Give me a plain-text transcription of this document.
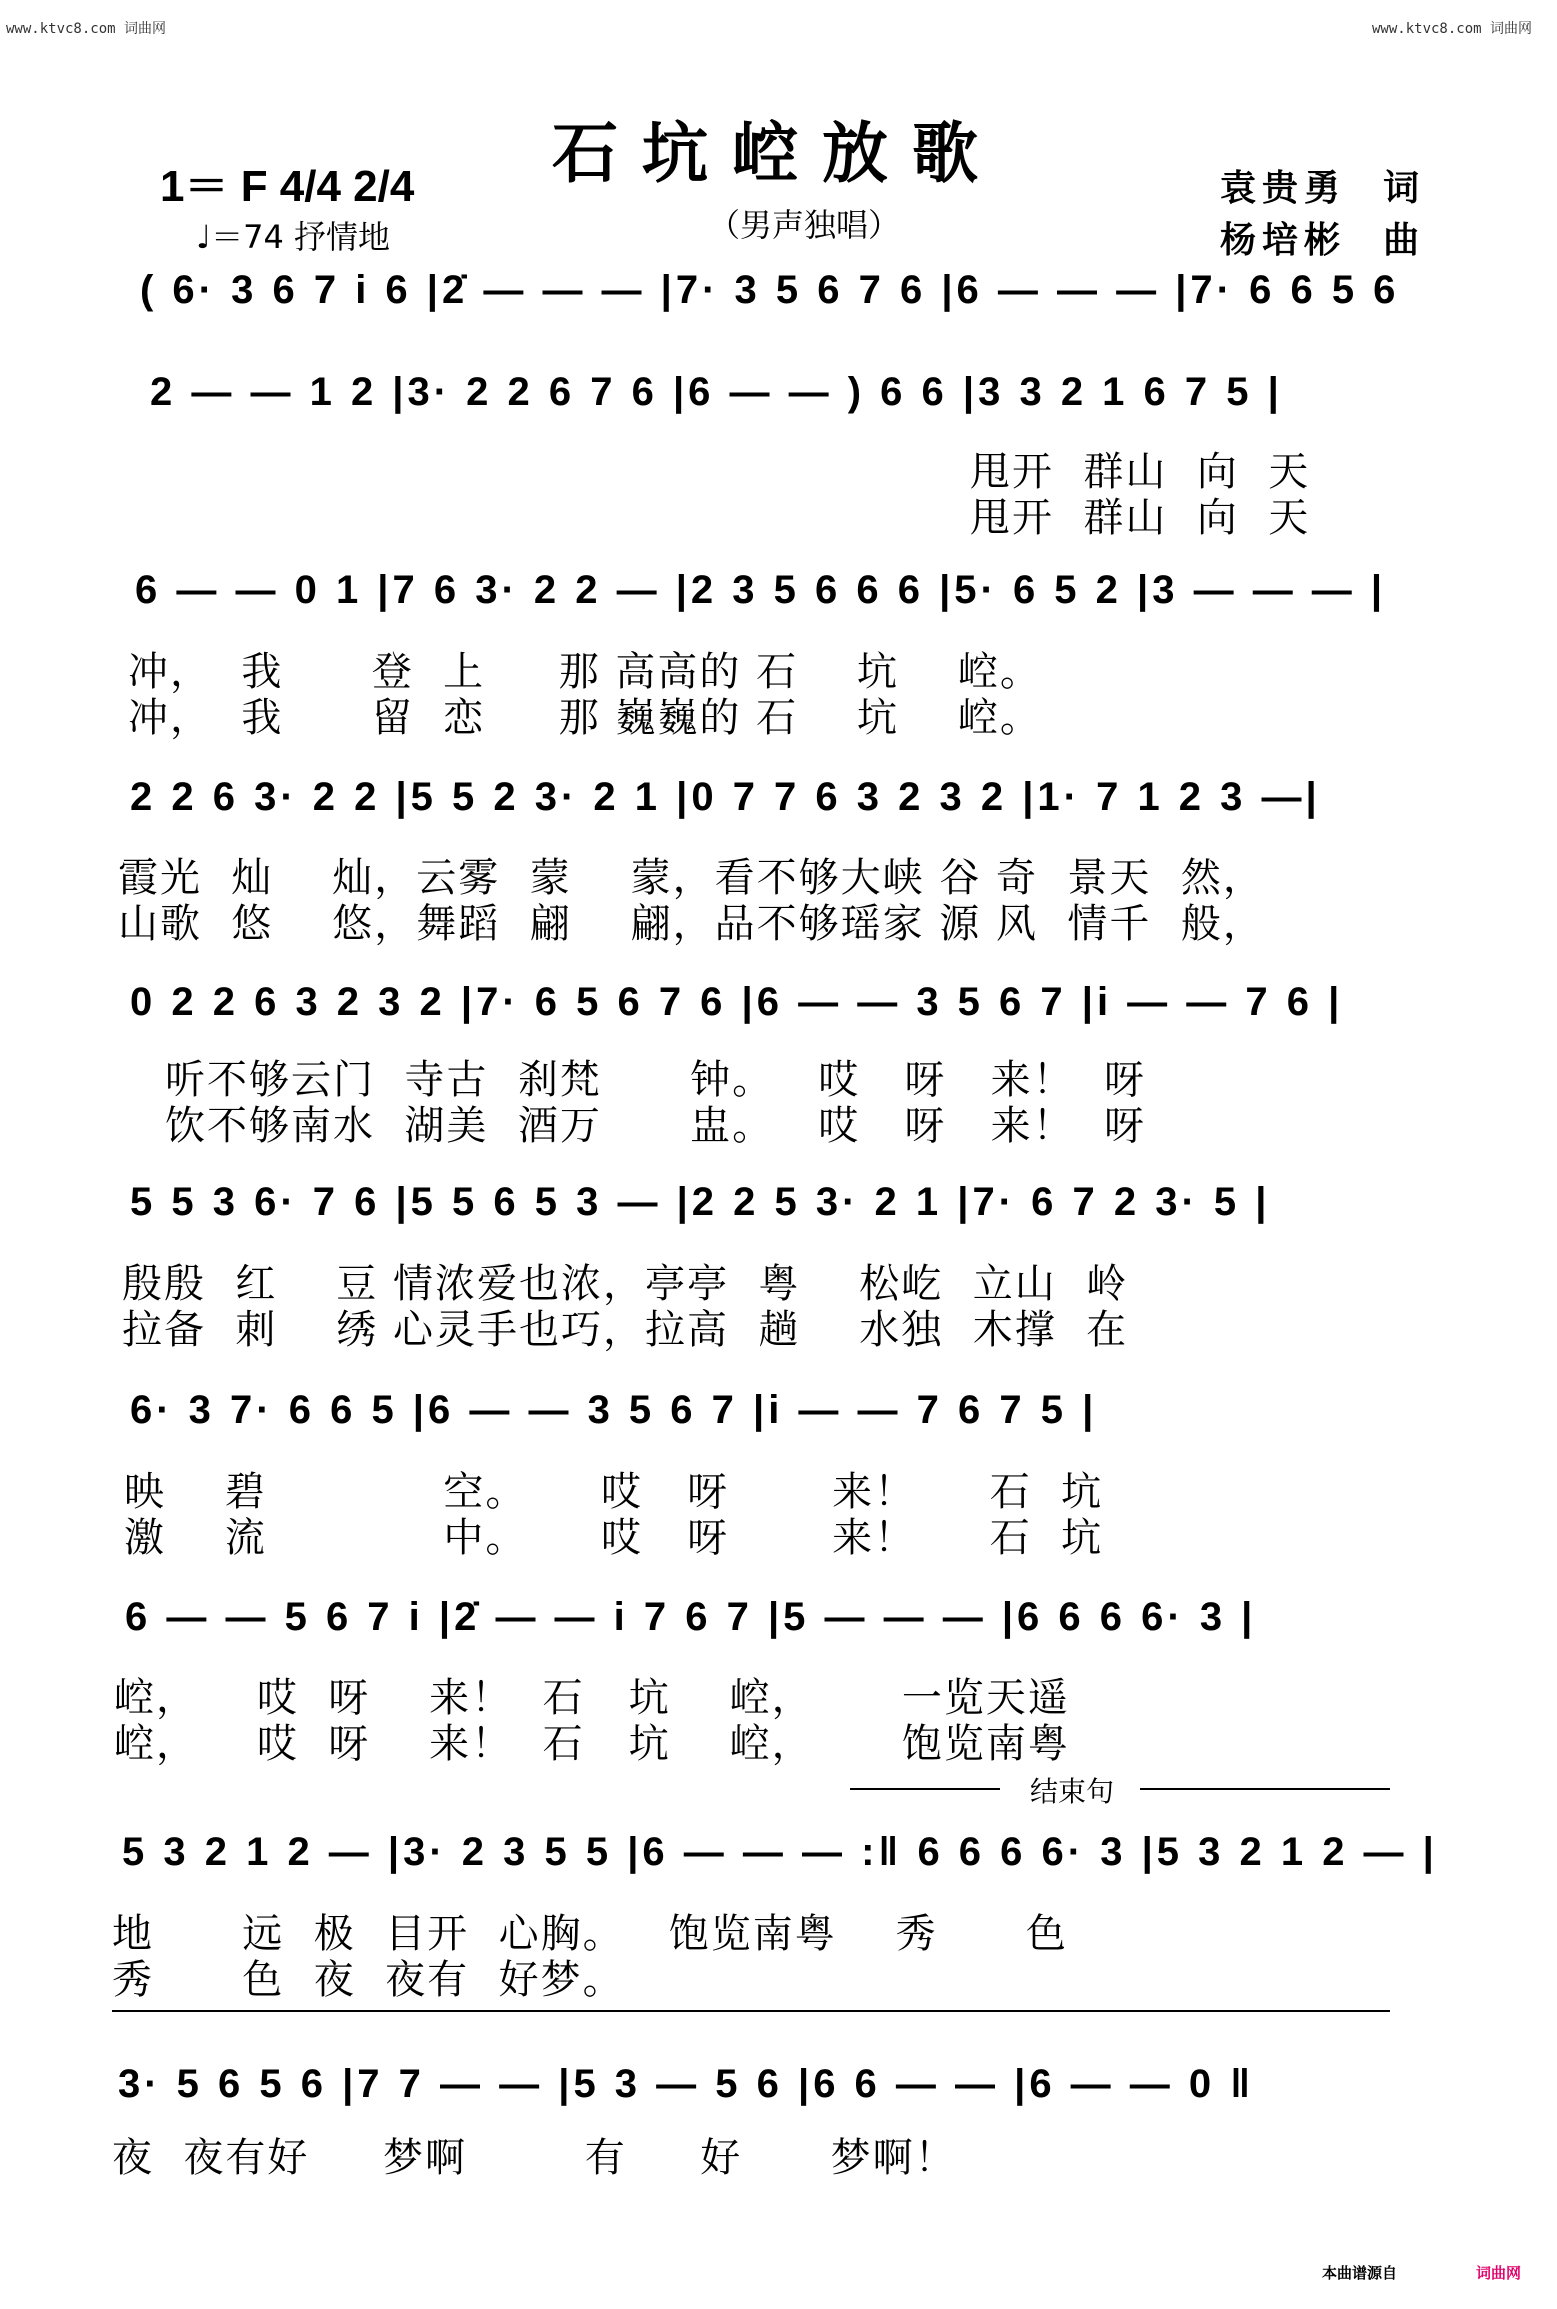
www.ktvc8.com 词曲网	www.ktvc8.com 词曲网
石坑崆放歌
（男声独唱）
1＝ F 4/4 2/4
♩＝74 抒情地
袁贵勇  词
杨培彬  曲
( 6· 3 6 7 i 6 |2̇ — — — |7· 3 5 6 7 6 |6 — — — |7· 6 6 5 6
2 — — 1 2 |3· 2 2 6 7 6 |6 — — ) 6 6 |3 3 2 1 6 7 5 |
甩开  群山  向  天
甩开  群山  向  天
6 — — 0 1 |7 6 3· 2 2 — |2 3 5 6 6 6 |5· 6 5 2 |3 — — — |
冲，  我      登  上     那 高高的 石    坑    崆。
冲，  我      留  恋     那 巍巍的 石    坑    崆。
2 2 6 3· 2 2 |5 5 2 3· 2 1 |0 7 7 6 3 2 3 2 |1· 7 1 2 3 —|
霞光  灿    灿，云雾  蒙    蒙，看不够大峡 谷 奇  景天  然，
山歌  悠    悠，舞蹈  翩    翩，品不够瑶家 源 风  情千  般，
0 2 2 6 3 2 3 2 |7· 6 5 6 7 6 |6 — — 3 5 6 7 |i — — 7 6 |
听不够云门  寺古  刹梵      钟。   哎   呀   来！  呀
饮不够南水  湖美  酒万      盅。   哎   呀   来！  呀
5 5 3 6· 7 6 |5 5 6 5 3 — |2 2 5 3· 2 1 |7· 6 7 2 3· 5 |
殷殷  红    豆 情浓爱也浓，亭亭  粤    松屹  立山  岭
拉备  刺    绣 心灵手也巧，拉高  趟    水独  木撑  在
6· 3 7· 6 6 5 |6 — — 3 5 6 7 |i — — 7 6 7 5 |
映    碧            空。     哎   呀       来！     石  坑
激    流            中。     哎   呀       来！     石  坑
6 — — 5 6 7 i |2̇ — — i 7 6 7 |5 — — — |6 6 6 6· 3 |
崆，    哎  呀    来！  石   坑    崆，      一览天遥
崆，    哎  呀    来！  石   坑    崆，      饱览南粤
结束句
5 3 2 1 2 — |3· 2 3 5 5 |6 — — — :‖ 6 6 6 6· 3 |5 3 2 1 2 — |
地      远  极  目开  心胸。   饱览南粤    秀      色
秀      色  夜  夜有  好梦。
3· 5 6 5 6 |7 7 — — |5 3 — 5 6 |6 6 — — |6 — — 0 ‖
夜  夜有好     梦啊        有     好      梦啊！
本曲谱源自	词曲网
